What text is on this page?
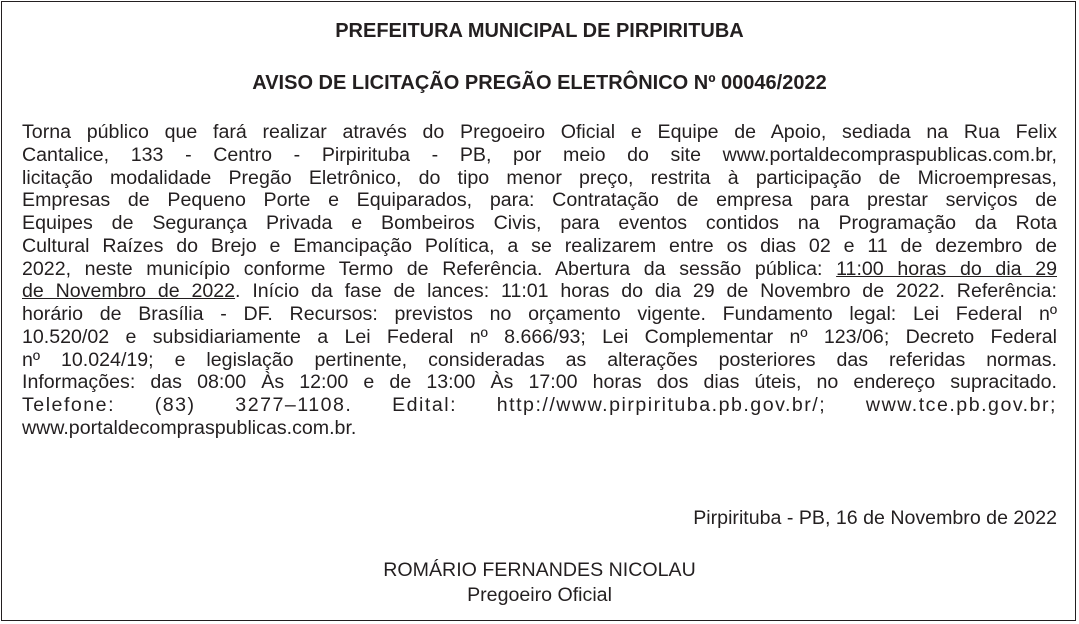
PREFEITURA MUNICIPAL DE PIRPIRITUBA
AVISO DE LICITAÇÃO PREGÃO ELETRÔNICO Nº 00046/2022
Torna público que fará realizar através do Pregoeiro Oficial e Equipe de Apoio, sediada na Rua Felix
Cantalice, 133 - Centro - Pirpirituba - PB, por meio do site www.portaldecompraspublicas.com.br,
licitação modalidade Pregão Eletrônico, do tipo menor preço, restrita à participação de Microempresas,
Empresas de Pequeno Porte e Equiparados, para: Contratação de empresa para prestar serviços de
Equipes de Segurança Privada e Bombeiros Civis, para eventos contidos na Programação da Rota
Cultural Raízes do Brejo e Emancipação Política, a se realizarem entre os dias 02 e 11 de dezembro de
2022, neste município conforme Termo de Referência. Abertura da sessão pública: 11:00 horas do dia 29
de Novembro de 2022. Início da fase de lances: 11:01 horas do dia 29 de Novembro de 2022. Referência:
horário de Brasília - DF. Recursos: previstos no orçamento vigente. Fundamento legal: Lei Federal nº
10.520/02 e subsidiariamente a Lei Federal nº 8.666/93; Lei Complementar nº 123/06; Decreto Federal
nº 10.024/19; e legislação pertinente, consideradas as alterações posteriores das referidas normas.
Informações: das 08:00 Às 12:00 e de 13:00 Às 17:00 horas dos dias úteis, no endereço supracitado.
Telefone: (83) 3277–1108. Edital: http://www.pirpirituba.pb.gov.br/; www.tce.pb.gov.br;
www.portaldecompraspublicas.com.br.
Pirpirituba - PB, 16 de Novembro de 2022
ROMÁRIO FERNANDES NICOLAU
Pregoeiro Oficial
